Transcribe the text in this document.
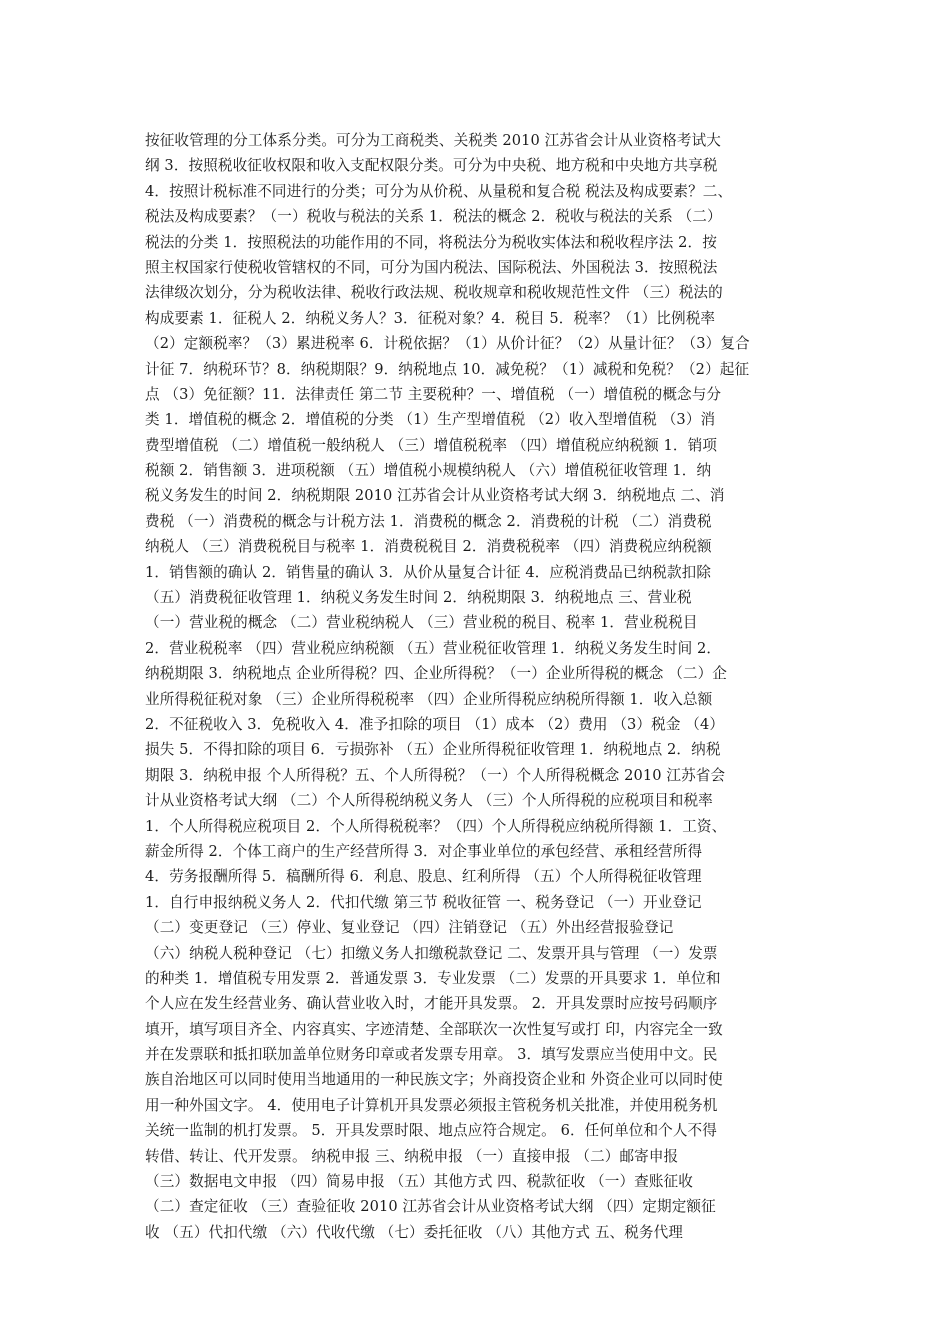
按征收管理的分工体系分类。可分为工商税类、关税类 2010 江苏省会计从业资格考试大
纲 3．按照税收征收权限和收入支配权限分类。可分为中央税、地方税和中央地方共享税
4．按照计税标准不同进行的分类；可分为从价税、从量税和复合税 税法及构成要素？二、
税法及构成要素？（一）税收与税法的关系 1．税法的概念 2．税收与税法的关系 （二）
税法的分类 1．按照税法的功能作用的不同，将税法分为税收实体法和税收程序法 2．按
照主权国家行使税收管辖权的不同，可分为国内税法、国际税法、外国税法 3．按照税法
法律级次划分，分为税收法律、税收行政法规、税收规章和税收规范性文件 （三）税法的
构成要素 1．征税人 2．纳税义务人？3．征税对象？4．税目 5．税率？（1）比例税率
（2）定额税率？（3）累进税率 6．计税依据？（1）从价计征？（2）从量计征？（3）复合
计征 7．纳税环节？8．纳税期限？9．纳税地点 10．减免税？（1）减税和免税？（2）起征
点 （3）免征额？11．法律责任 第二节 主要税种？一、增值税 （一）增值税的概念与分
类 1．增值税的概念 2．增值税的分类 （1）生产型增值税 （2）收入型增值税 （3）消
费型增值税 （二）增值税一般纳税人 （三）增值税税率 （四）增值税应纳税额 1．销项
税额 2．销售额 3．进项税额 （五）增值税小规模纳税人 （六）增值税征收管理 1．纳
税义务发生的时间 2．纳税期限 2010 江苏省会计从业资格考试大纲 3．纳税地点 二、消
费税 （一）消费税的概念与计税方法 1．消费税的概念 2．消费税的计税 （二）消费税
纳税人 （三）消费税税目与税率 1．消费税税目 2．消费税税率 （四）消费税应纳税额
1．销售额的确认 2．销售量的确认 3．从价从量复合计征 4．应税消费品已纳税款扣除
（五）消费税征收管理 1．纳税义务发生时间 2．纳税期限 3．纳税地点 三、营业税
（一）营业税的概念 （二）营业税纳税人 （三）营业税的税目、税率 1．营业税税目
2．营业税税率 （四）营业税应纳税额 （五）营业税征收管理 1．纳税义务发生时间 2．
纳税期限 3．纳税地点 企业所得税？四、企业所得税？（一）企业所得税的概念 （二）企
业所得税征税对象 （三）企业所得税税率 （四）企业所得税应纳税所得额 1．收入总额
2．不征税收入 3．免税收入 4．准予扣除的项目 （1）成本 （2）费用 （3）税金 （4）
损失 5．不得扣除的项目 6．亏损弥补 （五）企业所得税征收管理 1．纳税地点 2．纳税
期限 3．纳税申报 个人所得税？五、个人所得税？（一）个人所得税概念 2010 江苏省会
计从业资格考试大纲 （二）个人所得税纳税义务人 （三）个人所得税的应税项目和税率
1．个人所得税应税项目 2．个人所得税税率？（四）个人所得税应纳税所得额 1．工资、
薪金所得 2．个体工商户的生产经营所得 3．对企事业单位的承包经营、承租经营所得
4．劳务报酬所得 5．稿酬所得 6．利息、股息、红利所得 （五）个人所得税征收管理
1．自行申报纳税义务人 2．代扣代缴 第三节 税收征管 一、税务登记 （一）开业登记
（二）变更登记 （三）停业、复业登记 （四）注销登记 （五）外出经营报验登记
（六）纳税人税种登记 （七）扣缴义务人扣缴税款登记 二、发票开具与管理 （一）发票
的种类 1．增值税专用发票 2．普通发票 3．专业发票 （二）发票的开具要求 1．单位和
个人应在发生经营业务、确认营业收入时，才能开具发票。 2．开具发票时应按号码顺序
填开，填写项目齐全、内容真实、字迹清楚、全部联次一次性复写或打 印，内容完全一致
并在发票联和抵扣联加盖单位财务印章或者发票专用章。 3．填写发票应当使用中文。民
族自治地区可以同时使用当地通用的一种民族文字；外商投资企业和 外资企业可以同时使
用一种外国文字。 4．使用电子计算机开具发票必须报主管税务机关批准，并使用税务机
关统一监制的机打发票。 5．开具发票时限、地点应符合规定。 6．任何单位和个人不得
转借、转让、代开发票。 纳税申报 三、纳税申报 （一）直接申报 （二）邮寄申报
（三）数据电文申报 （四）简易申报 （五）其他方式 四、税款征收 （一）查账征收
（二）查定征收 （三）查验征收 2010 江苏省会计从业资格考试大纲 （四）定期定额征
收 （五）代扣代缴 （六）代收代缴 （七）委托征收 （八）其他方式 五、税务代理
